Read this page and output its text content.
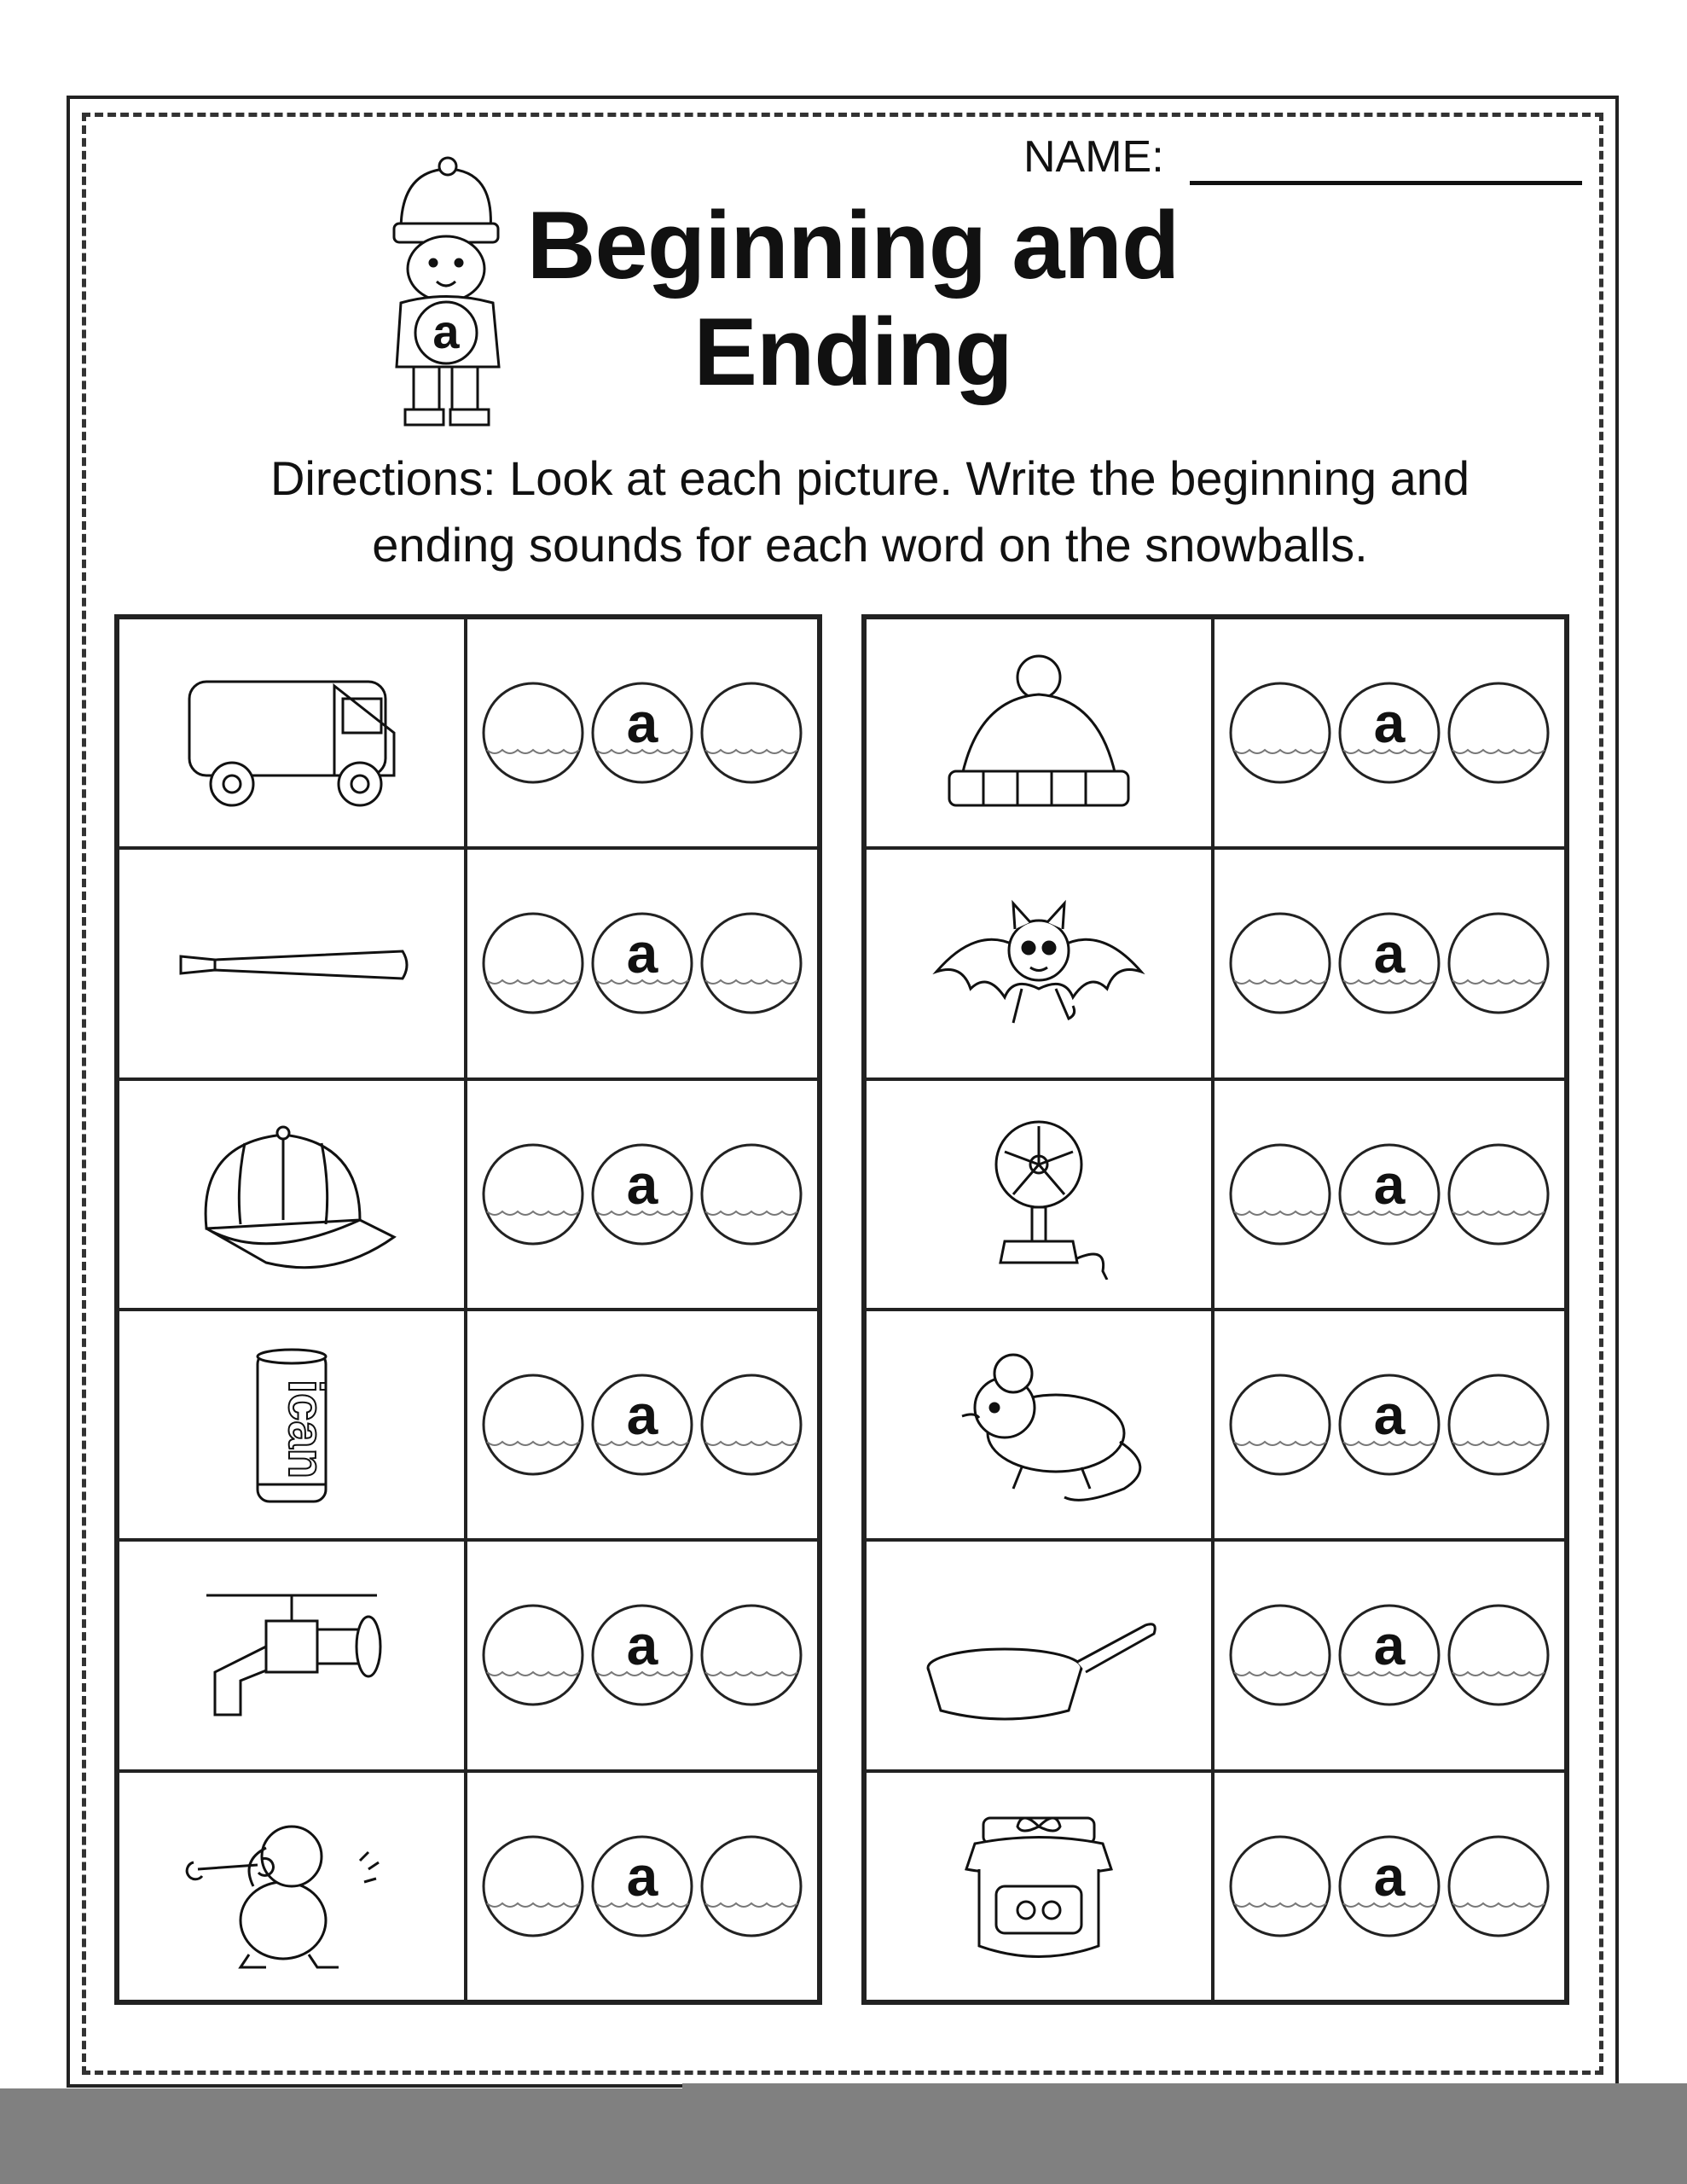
NAME:
a
Beginning and
Ending
Directions: Look at each picture. Write the beginning and
ending sounds for each word on the snowballs.
a
a
a
ican	a
a
a
a
a
a
a
a
a
